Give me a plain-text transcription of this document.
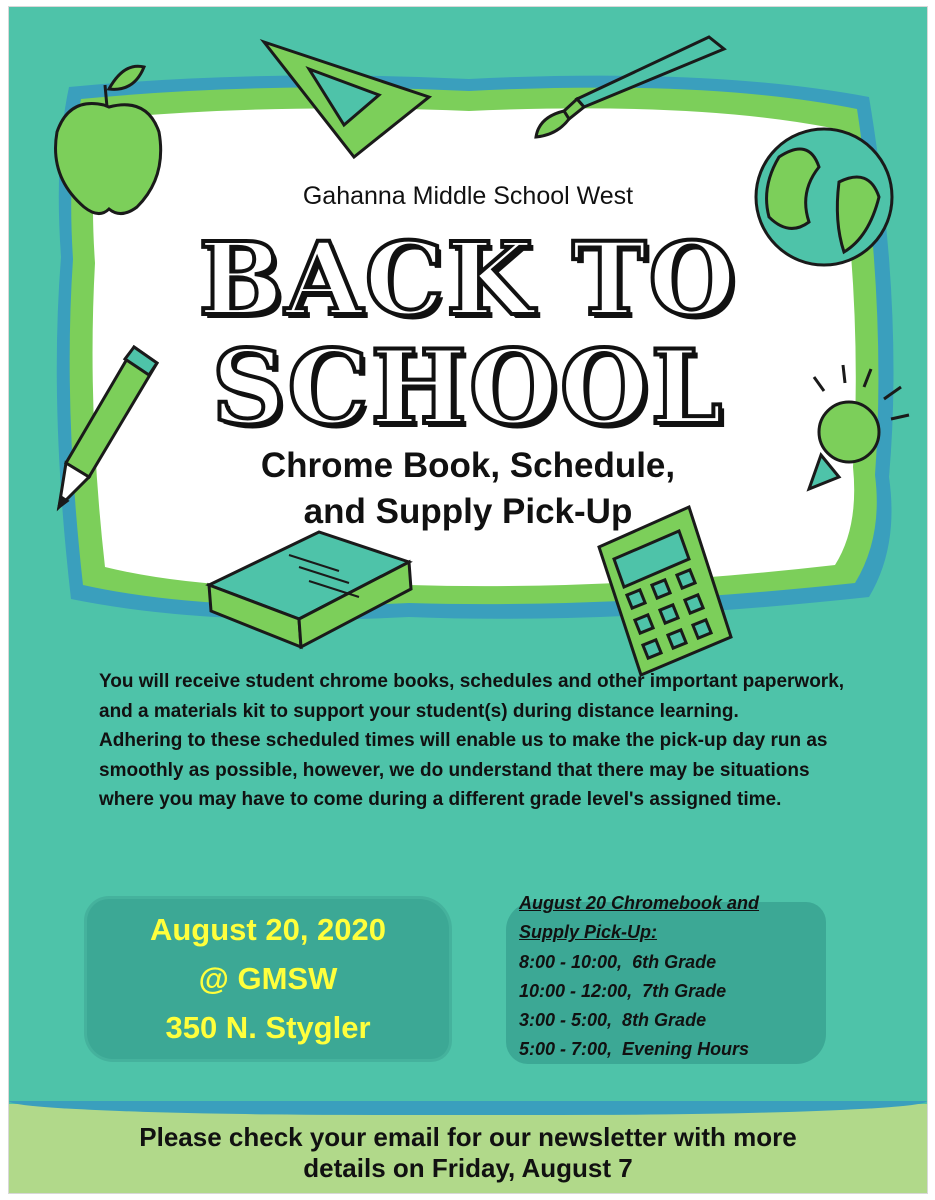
Gahanna Middle School West
BACK TO
SCHOOL
Chrome Book, Schedule,
and Supply Pick-Up

You will receive student chrome books, schedules and other important paperwork, and a materials kit to support your student(s) during distance learning.

Adhering to these scheduled times will enable us to make the pick-up day run as smoothly as possible, however, we do understand that there may be situations where you may have to come during a different grade level's assigned time.

August 20, 2020
@ GMSW
350 N. Stygler
August 20 Chromebook and
Supply Pick-Up:
8:00 - 10:00,  6th Grade
10:00 - 12:00,  7th Grade
3:00 - 5:00,  8th Grade
5:00 - 7:00,  Evening Hours
Please check your email for our newsletter with more
details on Friday, August 7
